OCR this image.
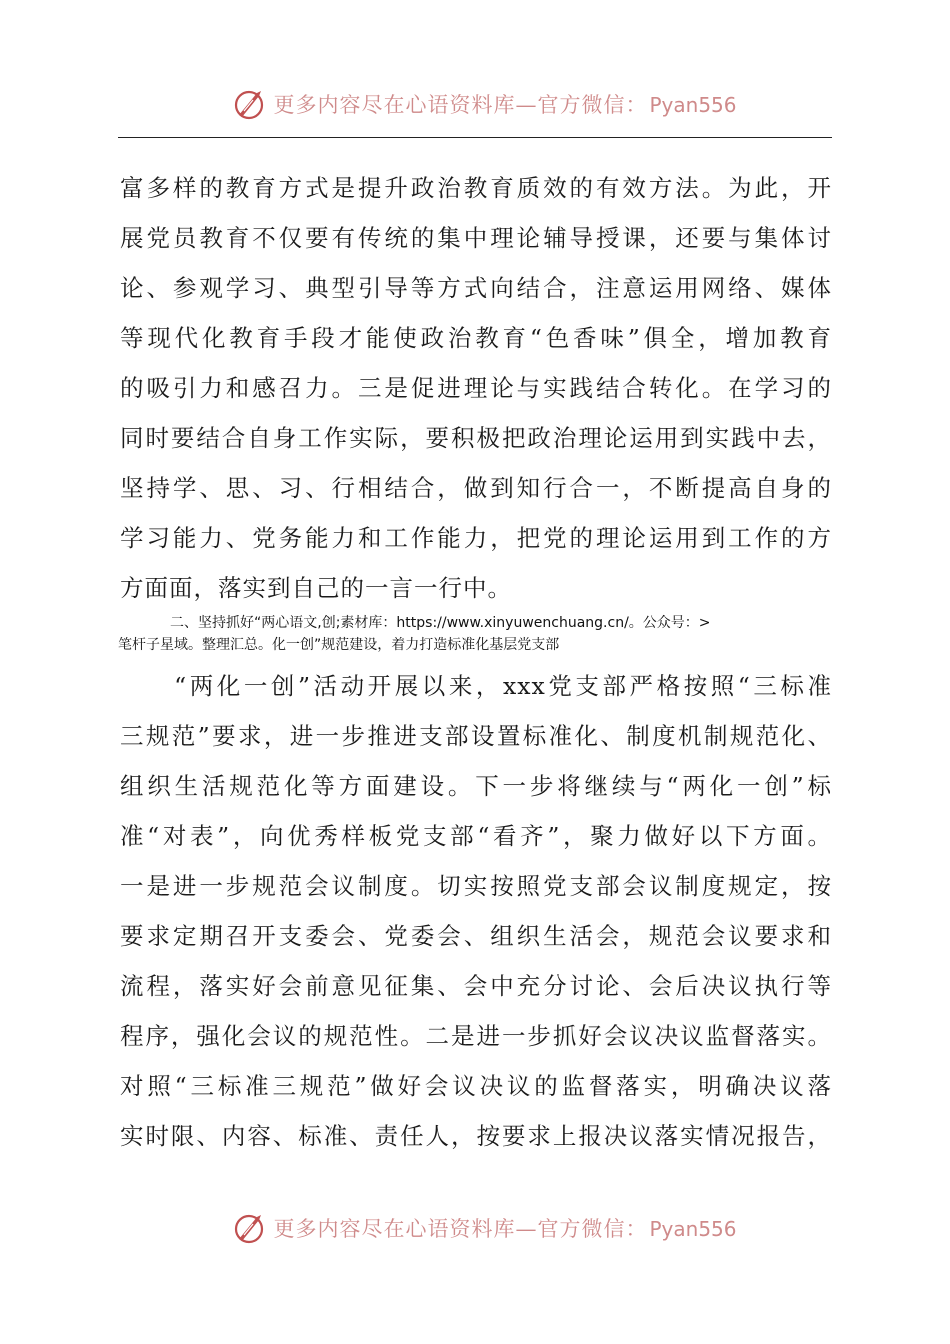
更多内容尽在心语资料库—官方微信： Pyan556
富多样的教育方式是提升政治教育质效的有效方法。为此，开
展党员教育不仅要有传统的集中理论辅导授课，还要与集体讨
论、参观学习、典型引导等方式向结合，注意运用网络、媒体
等现代化教育手段才能使政治教育“色香味”俱全，增加教育
的吸引力和感召力。三是促进理论与实践结合转化。在学习的
同时要结合自身工作实际，要积极把政治理论运用到实践中去，
坚持学、思、习、行相结合，做到知行合一，不断提高自身的
学习能力、党务能力和工作能力，把党的理论运用到工作的方
方面面，落实到自己的一言一行中。
二、坚持抓好“两心语文,创;素材库：https://www.xinyuwenchuang.cn/。公众号：>
笔杆子星域。整理汇总。化一创”规范建设，着力打造标准化基层党支部
　　“两化一创”活动开展以来，xxx党支部严格按照“三标准
三规范”要求，进一步推进支部设置标准化、制度机制规范化、
组织生活规范化等方面建设。下一步将继续与“两化一创”标
准“对表”，向优秀样板党支部“看齐”，聚力做好以下方面。
一是进一步规范会议制度。切实按照党支部会议制度规定，按
要求定期召开支委会、党委会、组织生活会，规范会议要求和
流程，落实好会前意见征集、会中充分讨论、会后决议执行等
程序，强化会议的规范性。二是进一步抓好会议决议监督落实。
对照“三标准三规范”做好会议决议的监督落实，明确决议落
实时限、内容、标准、责任人，按要求上报决议落实情况报告，
更多内容尽在心语资料库—官方微信： Pyan556
